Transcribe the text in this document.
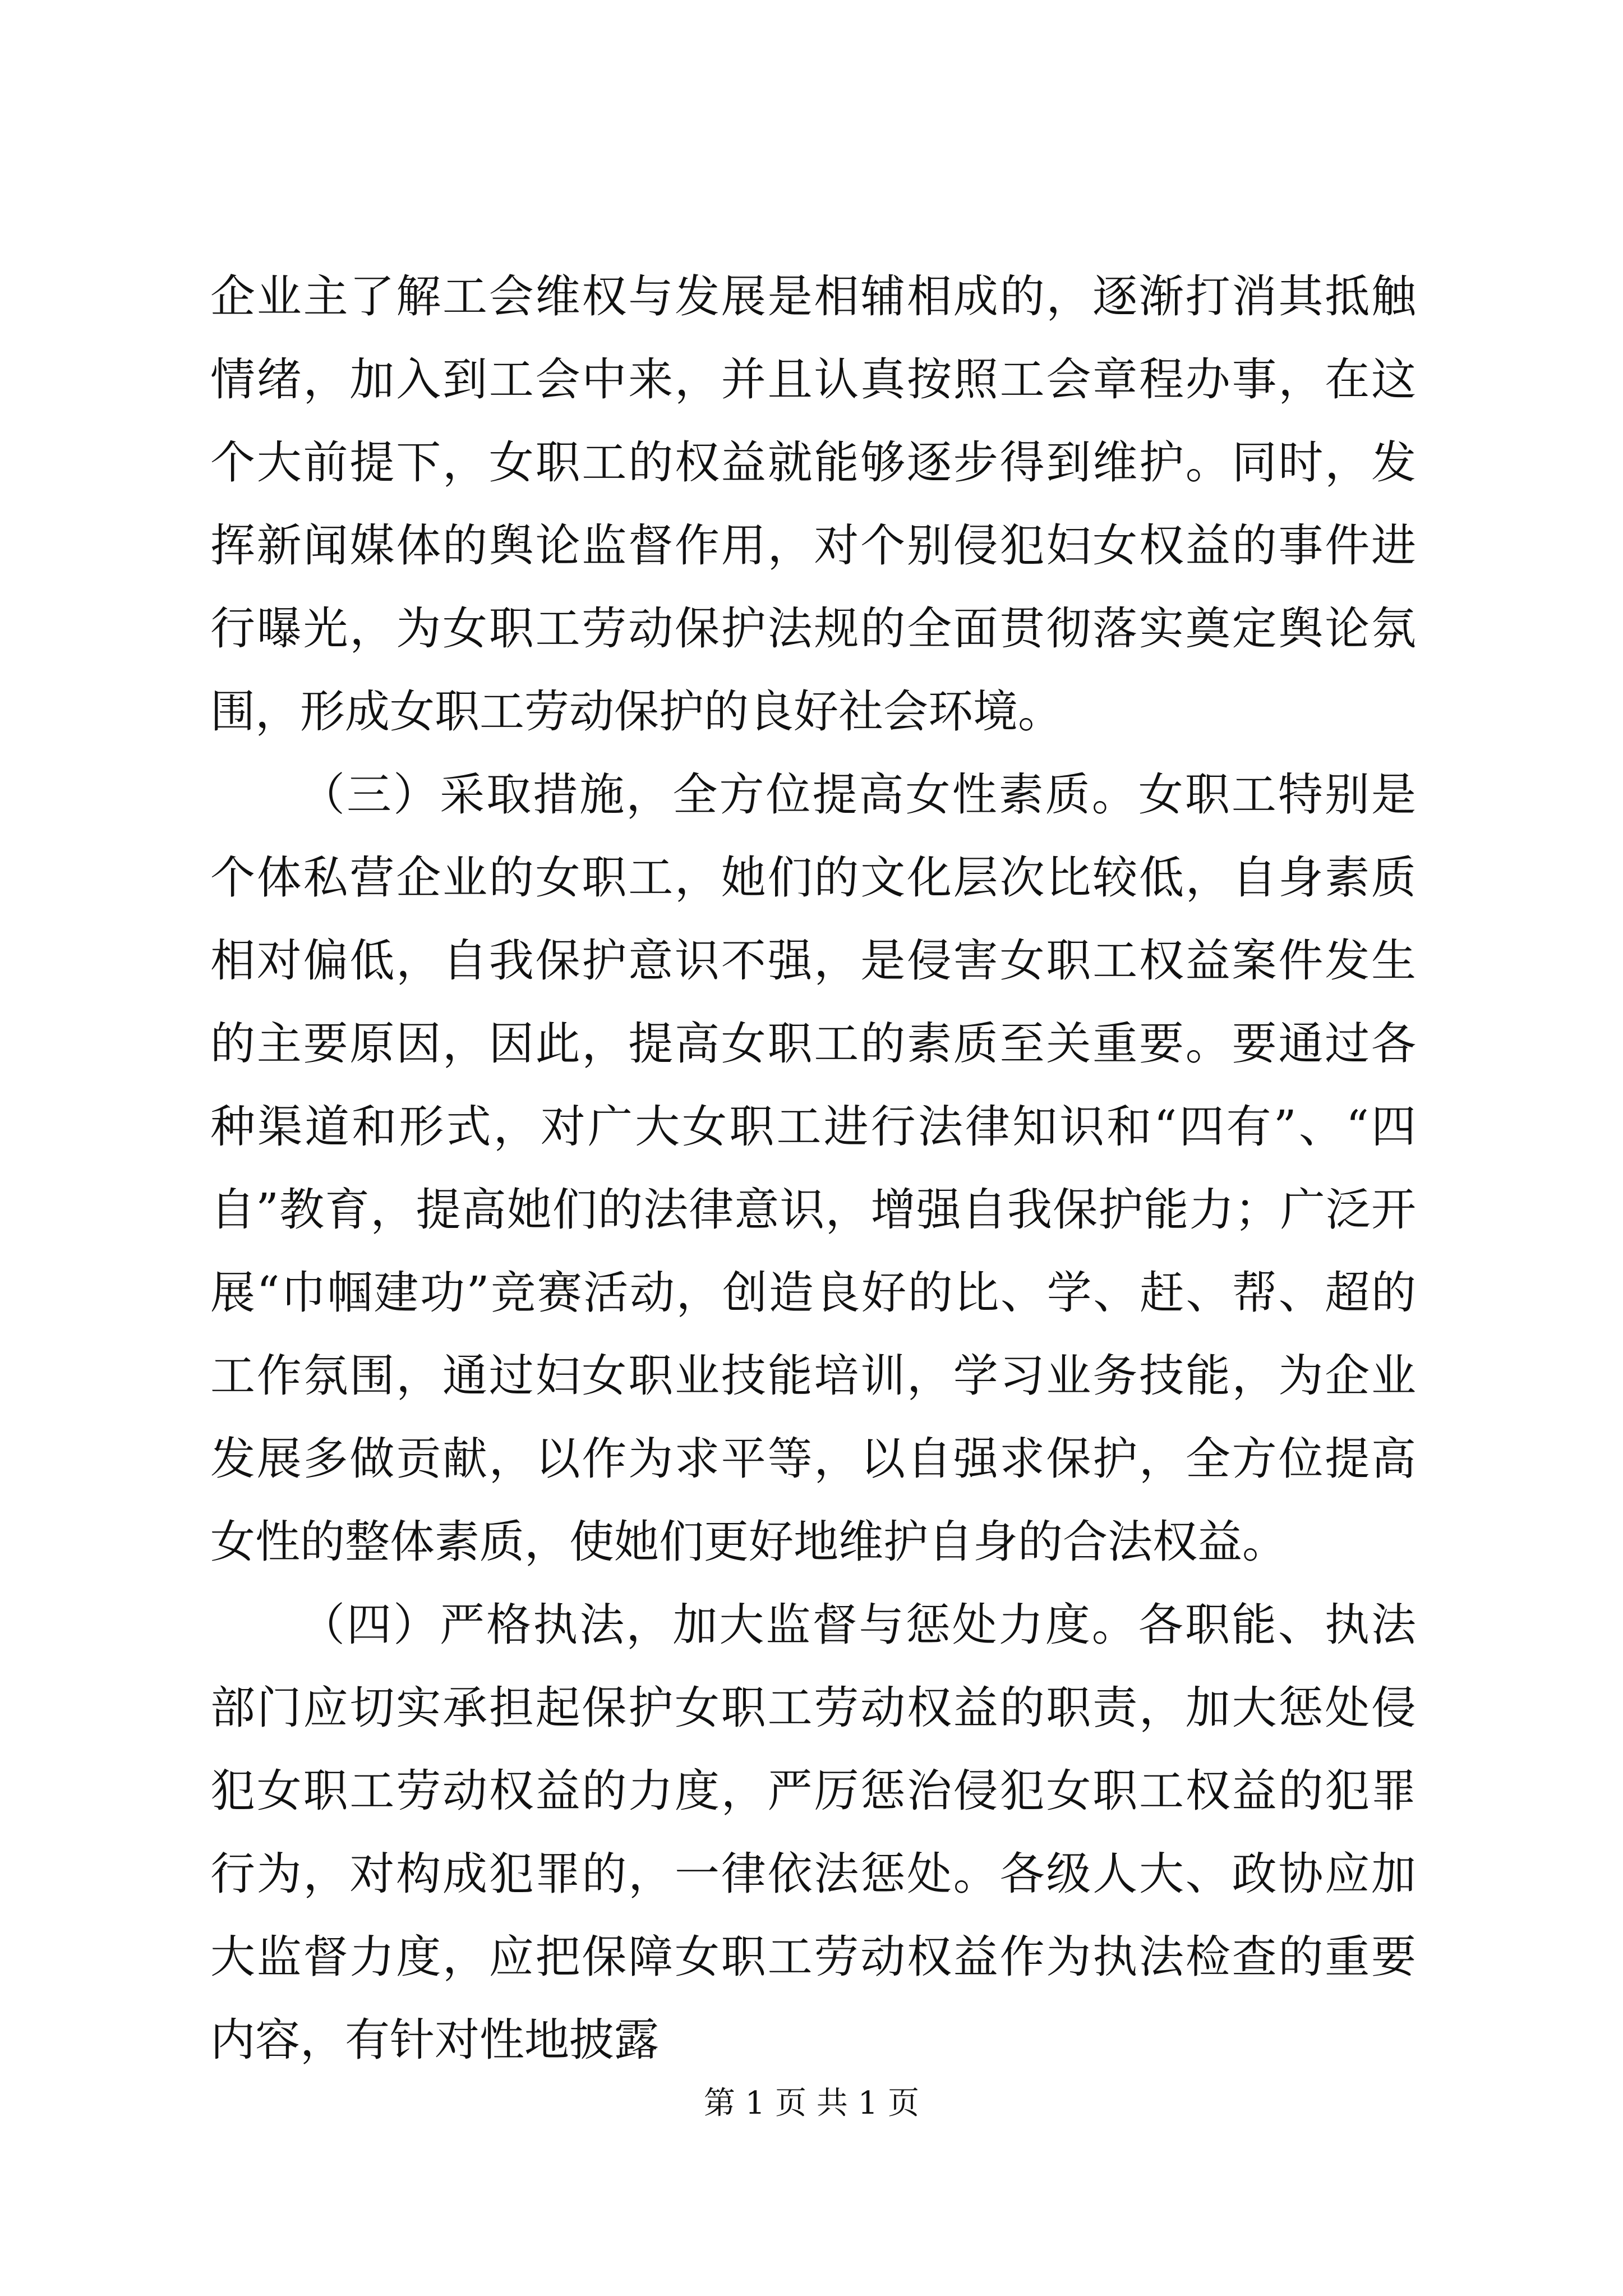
企业主了解工会维权与发展是相辅相成的，逐渐打消其抵触情绪，加入到工会中来，并且认真按照工会章程办事，在这个大前提下，女职工的权益就能够逐步得到维护。同时，发挥新闻媒体的舆论监督作用，对个别侵犯妇女权益的事件进行曝光，为女职工劳动保护法规的全面贯彻落实奠定舆论氛围，形成女职工劳动保护的良好社会环境。

（三）采取措施，全方位提高女性素质。女职工特别是个体私营企业的女职工，她们的文化层次比较低，自身素质相对偏低，自我保护意识不强，是侵害女职工权益案件发生的主要原因，因此，提高女职工的素质至关重要。要通过各种渠道和形式，对广大女职工进行法律知识和“四有”、“四自”教育，提高她们的法律意识，增强自我保护能力；广泛开展“巾帼建功”竞赛活动，创造良好的比、学、赶、帮、超的工作氛围，通过妇女职业技能培训，学习业务技能，为企业发展多做贡献，以作为求平等，以自强求保护，全方位提高女性的整体素质，使她们更好地维护自身的合法权益。

（四）严格执法，加大监督与惩处力度。各职能、执法部门应切实承担起保护女职工劳动权益的职责，加大惩处侵犯女职工劳动权益的力度，严厉惩治侵犯女职工权益的犯罪行为，对构成犯罪的，一律依法惩处。各级人大、政协应加大监督力度，应把保障女职工劳动权益作为执法检查的重要内容，有针对性地披露

第 1 页 共 1 页
